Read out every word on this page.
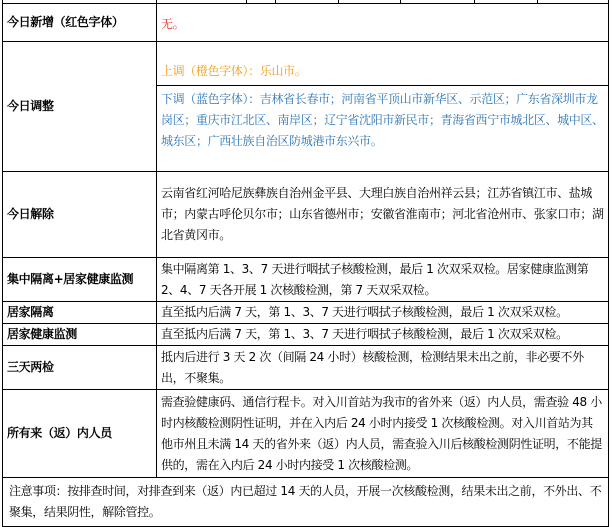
今日新增（红色字体）	无。
今日调整	上调（橙色字体）：乐山市。
下调（蓝色字体）：吉林省长春市；河南省平顶山市新华区、示范区；广东省深圳市龙岗区；重庆市江北区、南岸区；辽宁省沈阳市新民市；青海省西宁市城北区、城中区、城东区；广西壮族自治区防城港市东兴市。

今日解除	云南省红河哈尼族彝族自治州金平县、大理白族自治州祥云县；江苏省镇江市、盐城市；内蒙古呼伦贝尔市；山东省德州市；安徽省淮南市；河北省沧州市、张家口市；湖北省黄冈市。
集中隔离+居家健康监测	集中隔离第 1、3、7 天进行咽拭子核酸检测，最后 1 次双采双检。居家健康监测第 2、4、7 天各开展 1 次核酸检测，第 7 天双采双检。
居家隔离	直至抵内后满 7 天，第 1、3、7 天进行咽拭子核酸检测，最后 1 次双采双检。
居家健康监测	直至抵内后满 7 天，第 1、3、7 天进行咽拭子核酸检测，最后 1 次双采双检。
三天两检	抵内后进行 3 天 2 次（间隔 24 小时）核酸检测，检测结果未出之前，非必要不外出，不聚集。
所有来（返）内人员	需查验健康码、通信行程卡。对入川首站为我市的省外来（返）内人员，需查验 48 小时内核酸检测阴性证明，并在入内后 24 小时内接受 1 次核酸检测。对入川首站为其他市州且未满 14 天的省外来（返）内人员，需查验入川后核酸检测阴性证明，不能提供的，需在入内后 24 小时内接受 1 次核酸检测。
注意事项：按排查时间，对排查到来（返）内已超过 14 天的人员，开展一次核酸检测，结果未出之前，不外出、不聚集，结果阴性，解除管控。	
